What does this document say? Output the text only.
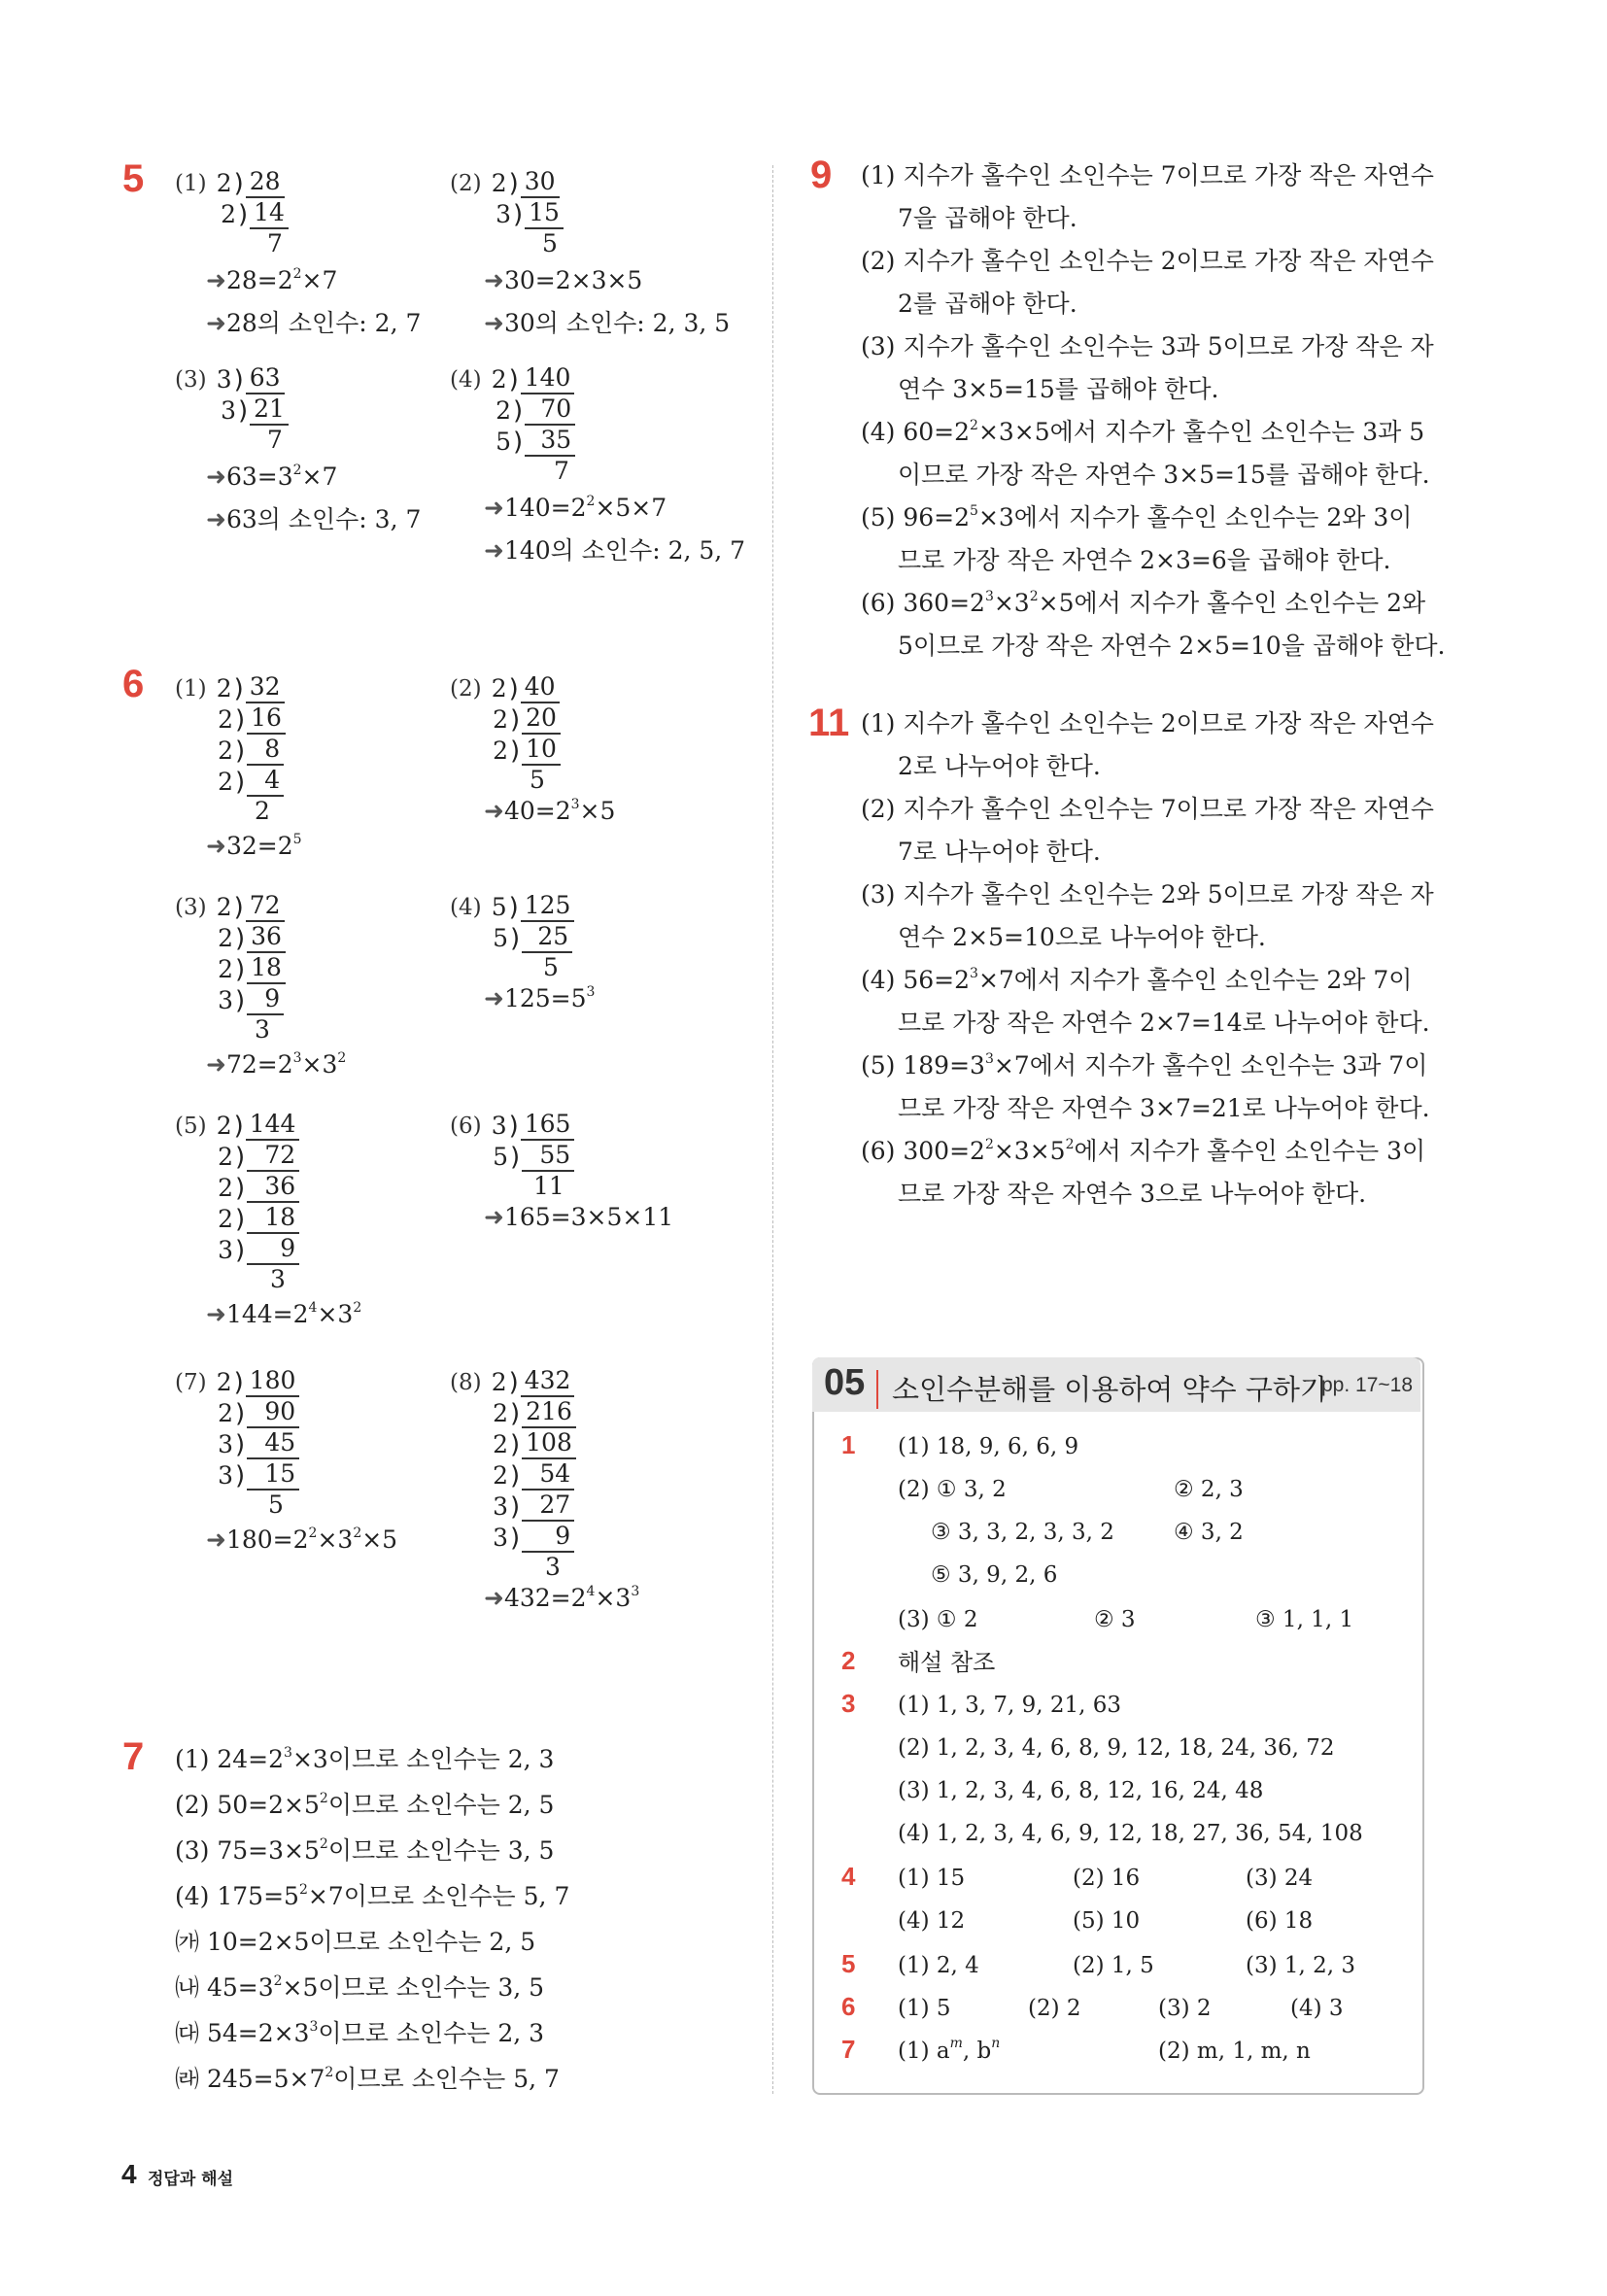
5 (1) 2 ) 28
2 ) 14
7
$➜28=2^2\times 7$
➜28의 소인수: 2, 7
(2) 2 ) 30
3 ) 15
5
➜30=2×3×5
➜30의 소인수: 2, 3, 5
(3) 3 ) 63
3 ) 21
7
$➜63=3^2\times 7$
➜63의 소인수: 3, 7
(4) 2 ) 140
2 ) 70
5 ) 35
7
$➜140=2^2\times 5\times 7$
➜140의 소인수: 2, 5, 7
6 (1) 2 ) 32
2 ) 16
2 ) 8
2 ) 4
2
$➜32=2^5$
(2) 2 ) 40
2 ) 20
2 ) 10
5
$➜40=2^3\times 5$
(3) 2 ) 72
2 ) 36
2 ) 18
3 ) 9
3
$➜72=2^3\times 3^2$
(4) 5 ) 125
5 ) 25
5
$➜125=5^3$
(5) 2 ) 144
2 ) 72
2 ) 36
2 ) 18
3 )	9
3
$➜144=2^4\times 3^2$
(6) 3 ) 165
5 ) 55
11
➜165=3×5×11
(7) 2 ) 180
2 ) 90
3 ) 45
3 ) 15
5
$➜180=2^2\times 3^2\times 5$
(8) 2 ) 432
2 ) 216
2 ) 108
2 ) 54
3 ) 27
3 )	9
3
$➜432=2^4\times 3^3$
7 (1) $24=2^3\times 3$이므로 소인수는 2, 3
(2) $50=2\times 5^2$이므로 소인수는 2, 5
(3) $75=3\times 5^2$이므로 소인수는 3, 5
(4) $175=5^2\times 7$이므로 소인수는 5, 7
㈎ 10=2×5이므로 소인수는 2, 5
㈏ $45=3^2\times 5$이므로 소인수는 3, 5
㈐ $54=2\times 3^3$이므로 소인수는 2, 3
㈑ $245=5\times 7^2$이므로 소인수는 5, 7
9 (1) 지수가 홀수인 소인수는 7이므로 가장 작은 자연수
7을 곱해야 한다.
(2) 지수가 홀수인 소인수는 2이므로 가장 작은 자연수
2를 곱해야 한다.
(3) 지수가 홀수인 소인수는 3과 5이므로 가장 작은 자
연수 3×5=15를 곱해야 한다.
(4) $60=2^2\times 3\times 5$에서 지수가 홀수인 소인수는 3과 5
이므로 가장 작은 자연수 3×5=15를 곱해야 한다.
(5) $96=2^5\times 3$에서 지수가 홀수인 소인수는 2와 3이
므로 가장 작은 자연수 2×3=6을 곱해야 한다.
(6) $360=2^3\times 3^2\times 5$에서 지수가 홀수인 소인수는 2와
5이므로 가장 작은 자연수 2×5=10을 곱해야 한다.
11 (1) 지수가 홀수인 소인수는 2이므로 가장 작은 자연수
2로 나누어야 한다.
(2) 지수가 홀수인 소인수는 7이므로 가장 작은 자연수
7로 나누어야 한다.
(3) 지수가 홀수인 소인수는 2와 5이므로 가장 작은 자
연수 2×5=10으로 나누어야 한다.
(4) $56=2^3\times 7$에서 지수가 홀수인 소인수는 2와 7이
므로 가장 작은 자연수 2×7=14로 나누어야 한다.
(5) $189=3^3\times 7$에서 지수가 홀수인 소인수는 3과 7이
므로 가장 작은 자연수 3×7=21로 나누어야 한다.
(6) $300=2^2\times 3\times 5^2$에서 지수가 홀수인 소인수는 3이
므로 가장 작은 자연수 3으로 나누어야 한다.
05 소인수분해를 이용하여 약수 구하기
pp. 17~18
1 (1) 18, 9, 6, 6, 9
(2) ① 3, 2	② 2, 3
③ 3, 3, 2, 3, 3, 2	④ 3, 2
⑤ 3, 9, 2, 6
(3) ① 2	② 3	③ 1, 1, 1
2 해설 참조
3 (1) 1, 3, 7, 9, 21, 63
(2) 1, 2, 3, 4, 6, 8, 9, 12, 18, 24, 36, 72
(3) 1, 2, 3, 4, 6, 8, 12, 16, 24, 48
(4) 1, 2, 3, 4, 6, 9, 12, 18, 27, 36, 54, 108
4 (1) 15	(2) 16	(3) 24
(4) 12	(5) 10	(6) 18
5 (1) 2, 4	(2) 1, 5	(3) 1, 2, 3
6 (1) 5	(2) 2	(3) 2	(4) 3
7 (1) $a^m$, $b^n$	(2) m, 1, m, n
4 정답과 해설
